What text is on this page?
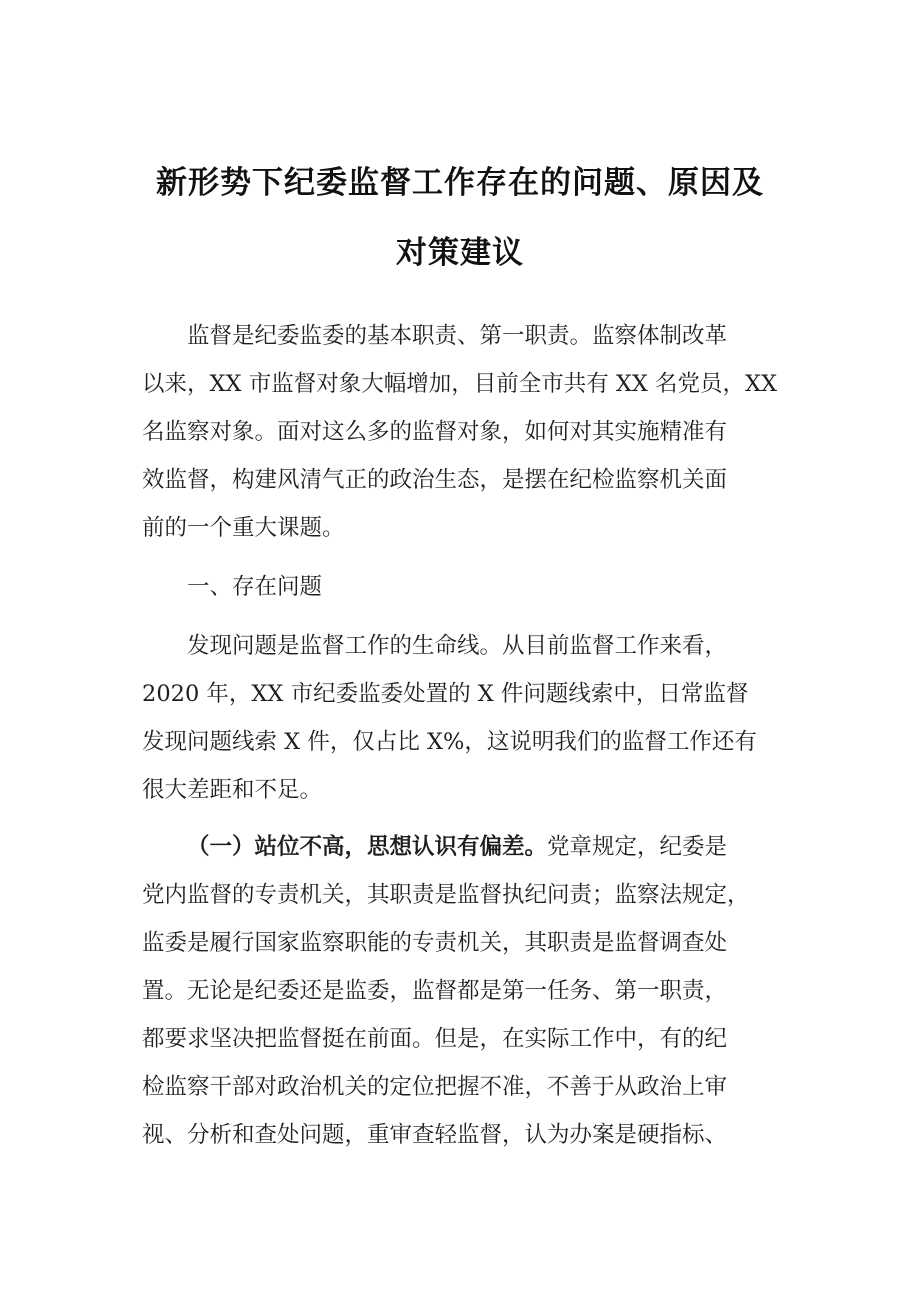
新形势下纪委监督工作存在的问题、原因及
对策建议
监督是纪委监委的基本职责、第一职责。监察体制改革
以来，XX 市监督对象大幅增加，目前全市共有 XX 名党员，XX
名监察对象。面对这么多的监督对象，如何对其实施精准有
效监督，构建风清气正的政治生态，是摆在纪检监察机关面
前的一个重大课题。
一、存在问题
发现问题是监督工作的生命线。从目前监督工作来看，
2020 年，XX 市纪委监委处置的 X 件问题线索中，日常监督
发现问题线索 X 件，仅占比 X%，这说明我们的监督工作还有
很大差距和不足。
（一）站位不高，思想认识有偏差。党章规定，纪委是
党内监督的专责机关，其职责是监督执纪问责；监察法规定，
监委是履行国家监察职能的专责机关，其职责是监督调查处
置。无论是纪委还是监委，监督都是第一任务、第一职责，
都要求坚决把监督挺在前面。但是，在实际工作中，有的纪
检监察干部对政治机关的定位把握不准，不善于从政治上审
视、分析和查处问题，重审查轻监督，认为办案是硬指标、
